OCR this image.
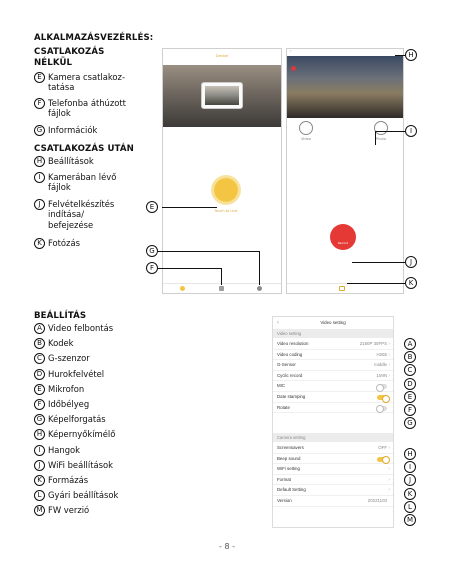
ALKALMAZÁSVEZÉRLÉS:
CSATLAKOZÁS
NÉLKÜL
E Kamera csatlakoz-
tatása
F Telefonba áthúzott
fájlok
G Információk
CSATLAKOZÁS UTÁN
H Beállítások
I Kamerában lévő
fájlok
J Felvételkészítés
indítása/
befejezése
K Fotózás
Device
Touch to Link
E
G
F
‹
Video	Photo
Record
H
I
J
K
BEÁLLÍTÁS
A Video felbontás
B Kodek
C G-szenzor
D Hurokfelvétel
E Mikrofon
F Időbélyeg
G Képelforgatás
H Képernyőkímélő
I Hangok
J WiFi beállítások
K Formázás
L Gyári beállítások
M FW verzió
‹	Video setting
Video setting
Video resolution	2160P 30FPS ›
Video coding	H265 ›
G-Sensor	middle ›
Cyclic record	1MIN ›
MIC
Date stamping
Rotate
Camera setting
Screensavers	OFF ›
Beep sound
WiFi setting	›
Format	›
Default Setting	›
Version	20221103
A
B
C
D
E
F
G
H
I
J
K
L
M
- 8 -
